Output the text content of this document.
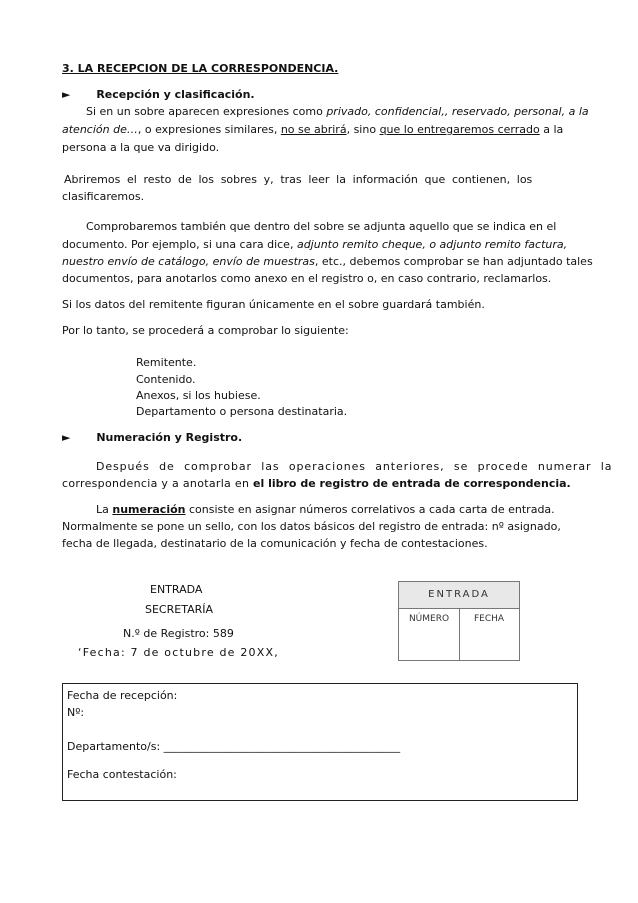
3. LA RECEPCION DE LA CORRESPONDENCIA.
► Recepción y clasificación.
Si en un sobre aparecen expresiones como privado, confidencial,, reservado, personal, a la
atención de…, o expresiones similares, no se abrirá, sino que lo entregaremos cerrado a la
persona a la que va dirigido.
Abriremos el resto de los sobres y, tras leer la información que contienen, los
clasificaremos.
Comprobaremos también que dentro del sobre se adjunta aquello que se indica en el
documento. Por ejemplo, si una cara dice, adjunto remito cheque, o adjunto remito factura,
nuestro envío de catálogo, envío de muestras, etc., debemos comprobar se han adjuntado tales
documentos, para anotarlos como anexo en el registro o, en caso contrario, reclamarlos.
Si los datos del remitente figuran únicamente en el sobre guardará también.
Por lo tanto, se procederá a comprobar lo siguiente:
Remitente.
Contenido.
Anexos, si los hubiese.
Departamento o persona destinataria.
► Numeración y Registro.
Después de comprobar las operaciones anteriores, se procede numerar la
correspondencia y a anotarla en el libro de registro de entrada de correspondencia.
La numeración consiste en asignar números correlativos a cada carta de entrada.
Normalmente se pone un sello, con los datos básicos del registro de entrada: nº asignado,
fecha de llegada, destinatario de la comunicación y fecha de contestaciones.
ENTRADA
SECRETARÍA
N.º de Registro: 589
‘Fecha: 7 de octubre de 20XX,
ENTRADA
NÚMERO	FECHA
Fecha de recepción:
Nº:
Departamento/s: ___________________________________________
Fecha contestación:
